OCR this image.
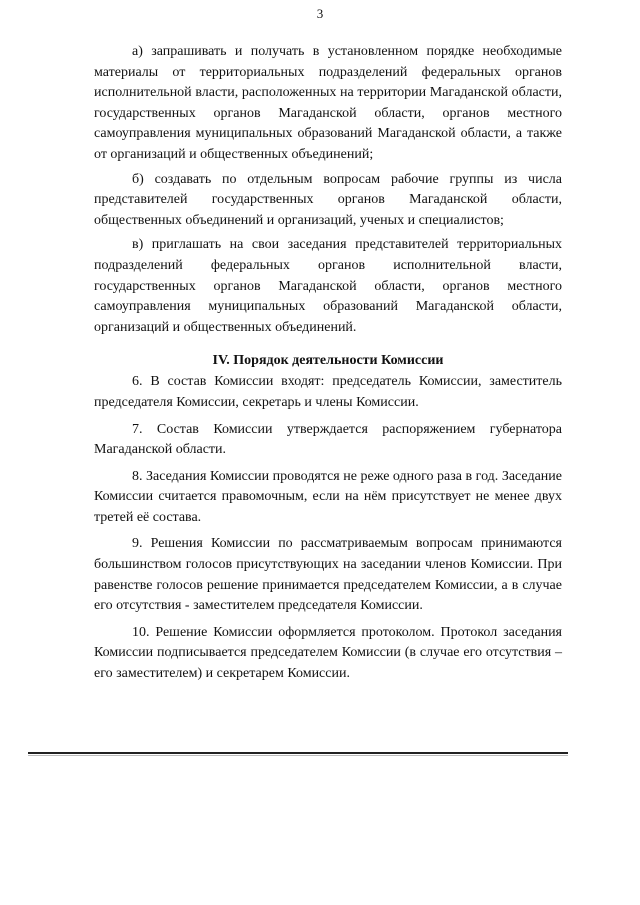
3

а) запрашивать и получать в установленном порядке необходимые материалы от территориальных подразделений федеральных органов исполнительной власти, расположенных на территории Магаданской области, государственных органов Магаданской области, органов местного самоуправления муниципальных образований Магаданской области, а также от организаций и общественных объединений;

б) создавать по отдельным вопросам рабочие группы из числа представителей государственных органов Магаданской области, общественных объединений и организаций, ученых и специалистов;

в) приглашать на свои заседания представителей территориальных подразделений федеральных органов исполнительной власти, государственных органов Магаданской области, органов местного самоуправления муниципальных образований Магаданской области, организаций и общественных объединений.

IV. Порядок деятельности Комиссии

6. В состав Комиссии входят: председатель Комиссии, заместитель председателя Комиссии, секретарь и члены Комиссии.

7. Состав Комиссии утверждается распоряжением губернатора Магаданской области.

8. Заседания Комиссии проводятся не реже одного раза в год. Заседание Комиссии считается правомочным, если на нём присутствует не менее двух третей её состава.

9. Решения Комиссии по рассматриваемым вопросам принимаются большинством голосов присутствующих на заседании членов Комиссии. При равенстве голосов решение принимается председателем Комиссии, а в случае его отсутствия - заместителем председателя Комиссии.

10. Решение Комиссии оформляется протоколом. Протокол заседания Комиссии подписывается председателем Комиссии (в случае его отсутствия – его заместителем) и секретарем Комиссии.
